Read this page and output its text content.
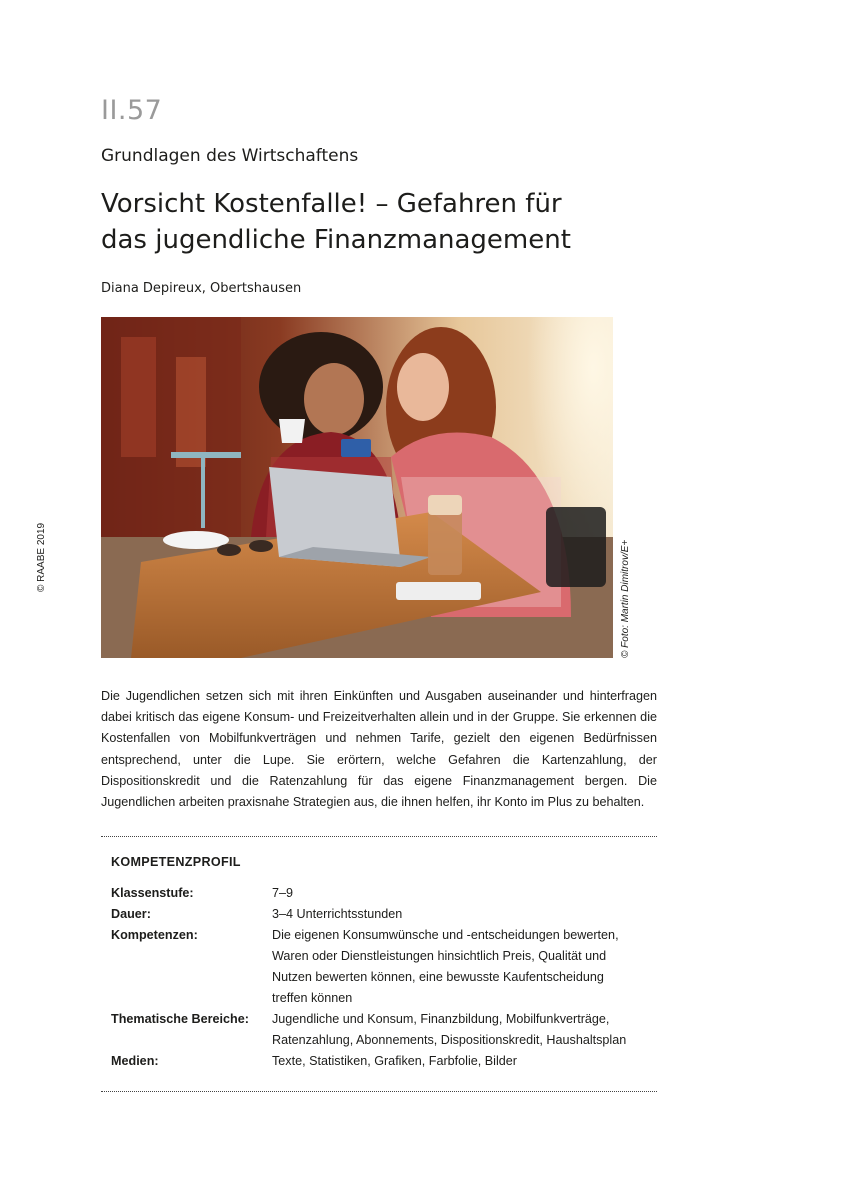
II.57
Grundlagen des Wirtschaftens
Vorsicht Kostenfalle! – Gefahren für
das jugendliche Finanzmanagement
Diana Depireux, Obertshausen
© RAABE 2019	© Foto: Martin Dimitrov/E+
Die Jugendlichen setzen sich mit ihren Einkünften und Ausgaben auseinander und hinterfragen dabei kritisch das eigene Konsum- und Freizeitverhalten allein und in der Gruppe. Sie erkennen die Kostenfallen von Mobilfunkverträgen und nehmen Tarife, gezielt den eigenen Bedürfnissen entsprechend, unter die Lupe. Sie erörtern, welche Gefahren die Kartenzahlung, der Dispositionskredit und die Ratenzahlung für das eigene Finanzmanagement bergen. Die Jugendlichen arbeiten praxisnahe Strategien aus, die ihnen helfen, ihr Konto im Plus zu behalten.
KOMPETENZPROFIL
Klassenstufe:	7–9
Dauer:	3–4 Unterrichtsstunden
Kompetenzen:	Die eigenen Konsumwünsche und -entscheidungen bewerten, Waren oder Dienstleistungen hinsichtlich Preis, Qualität und Nutzen bewerten können, eine bewusste Kaufentscheidung treffen können
Thematische Bereiche:	Jugendliche und Konsum, Finanzbildung, Mobilfunkverträge, Ratenzahlung, Abonnements, Dispositionskredit, Haushaltsplan
Medien:	Texte, Statistiken, Grafiken, Farbfolie, Bilder
